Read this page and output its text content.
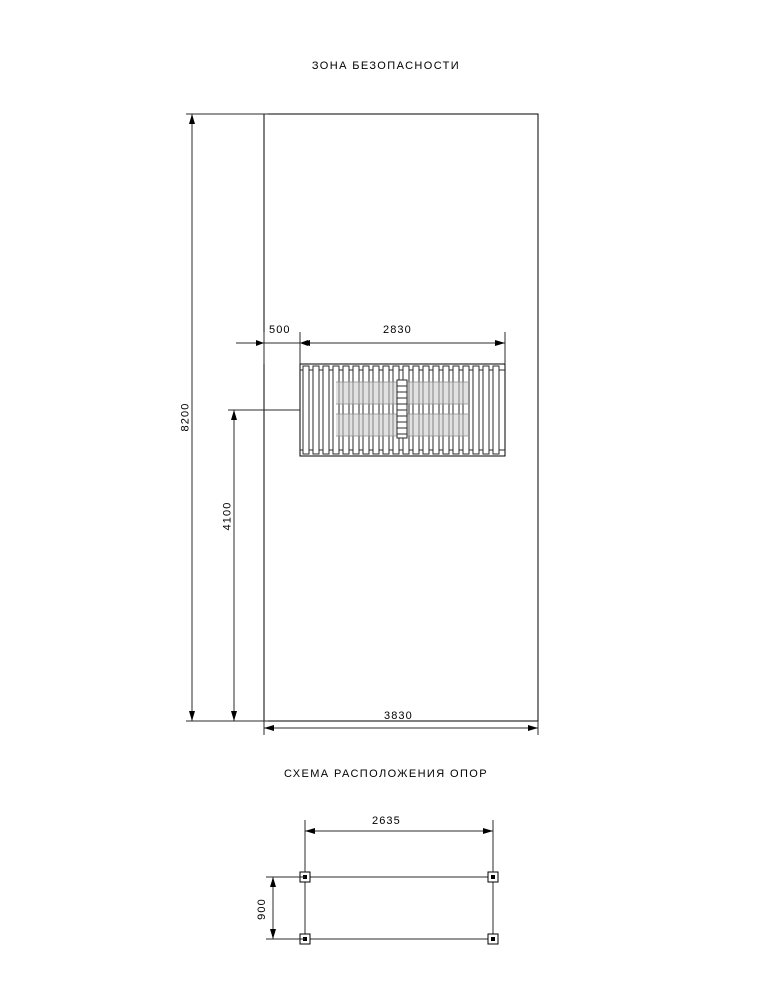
ЗОНА БЕЗОПАСНОСТИ
СХЕМА РАСПОЛОЖЕНИЯ ОПОР
8200
3830
500	2830
4100
2635
900
